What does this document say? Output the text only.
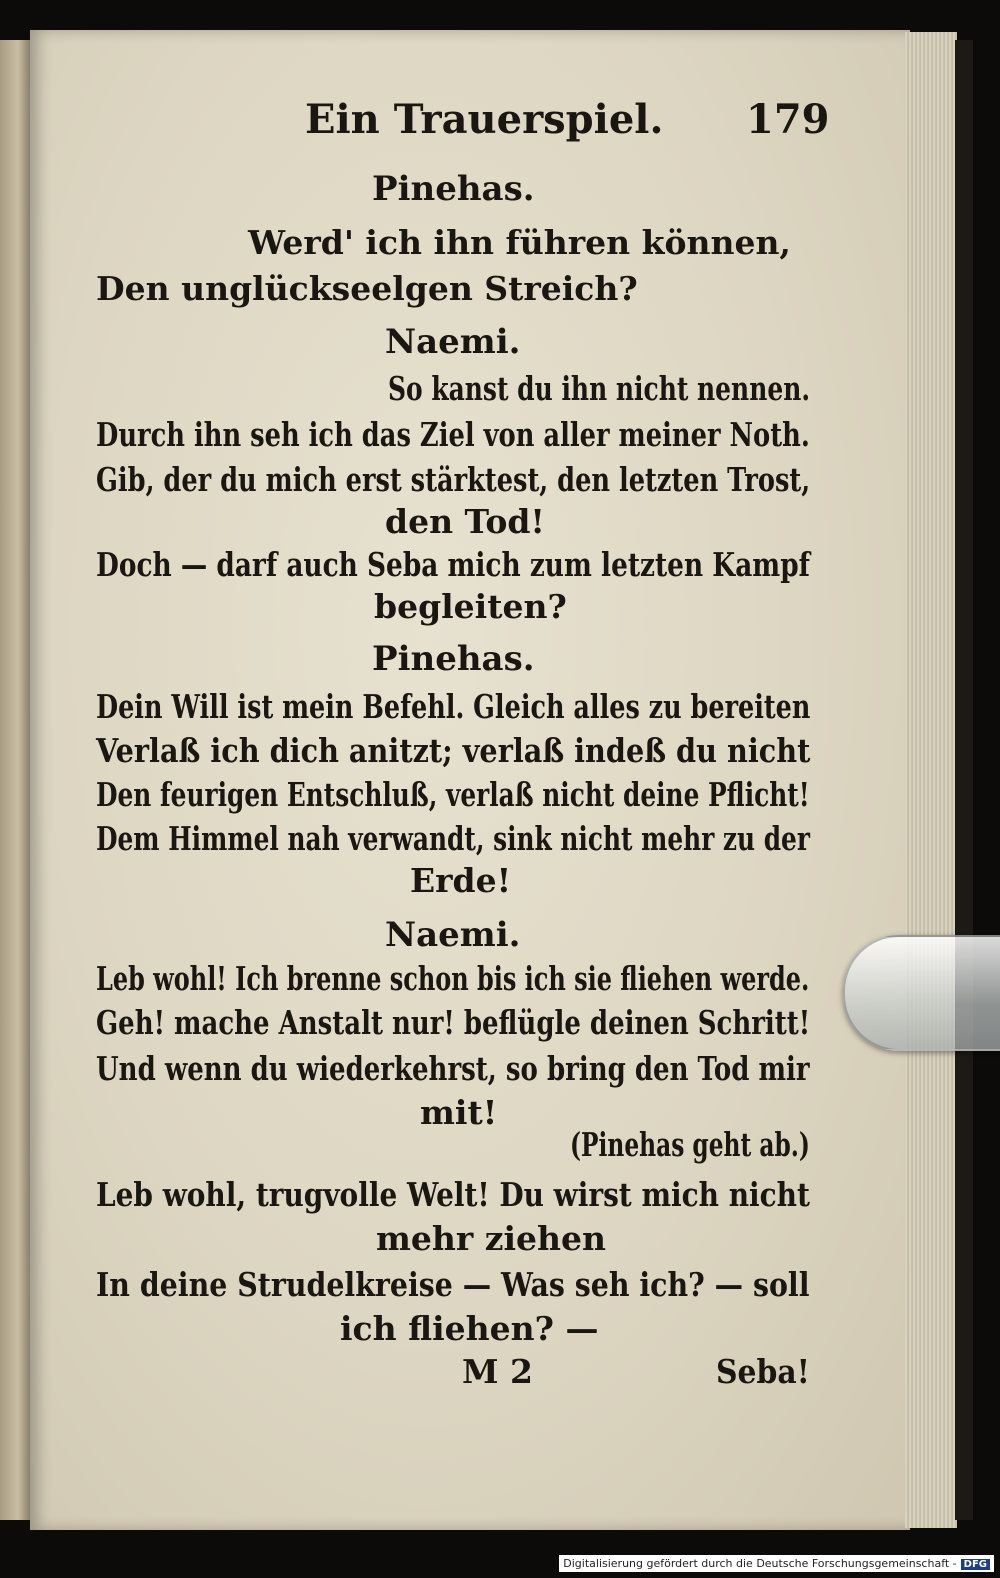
Ein Trauerspiel. 179
Pinehas.
Werd' ich ihn führen können,
Den unglückseelgen Streich?
Naemi.
So kanst du ihn nicht nennen.
Durch ihn seh ich das Ziel von aller meiner Noth.
Gib, der du mich erst stärktest, den letzten Trost,
den Tod!
Doch — darf auch Seba mich zum letzten Kampf
begleiten?
Pinehas.
Dein Will ist mein Befehl. Gleich alles zu bereiten
Verlaß ich dich anitzt; verlaß indeß du nicht
Den feurigen Entschluß, verlaß nicht deine Pflicht!
Dem Himmel nah verwandt, sink nicht mehr zu der
Erde!
Naemi.
Leb wohl! Ich brenne schon bis ich sie fliehen werde.
Geh! mache Anstalt nur! beflügle deinen Schritt!
Und wenn du wiederkehrst, so bring den Tod mir
mit!
(Pinehas geht ab.)
Leb wohl, trugvolle Welt! Du wirst mich nicht
mehr ziehen
In deine Strudelkreise — Was seh ich? — soll
ich fliehen? —
M 2	Seba!
Digitalisierung gefördert durch die Deutsche Forschungsgemeinschaft - DFG
